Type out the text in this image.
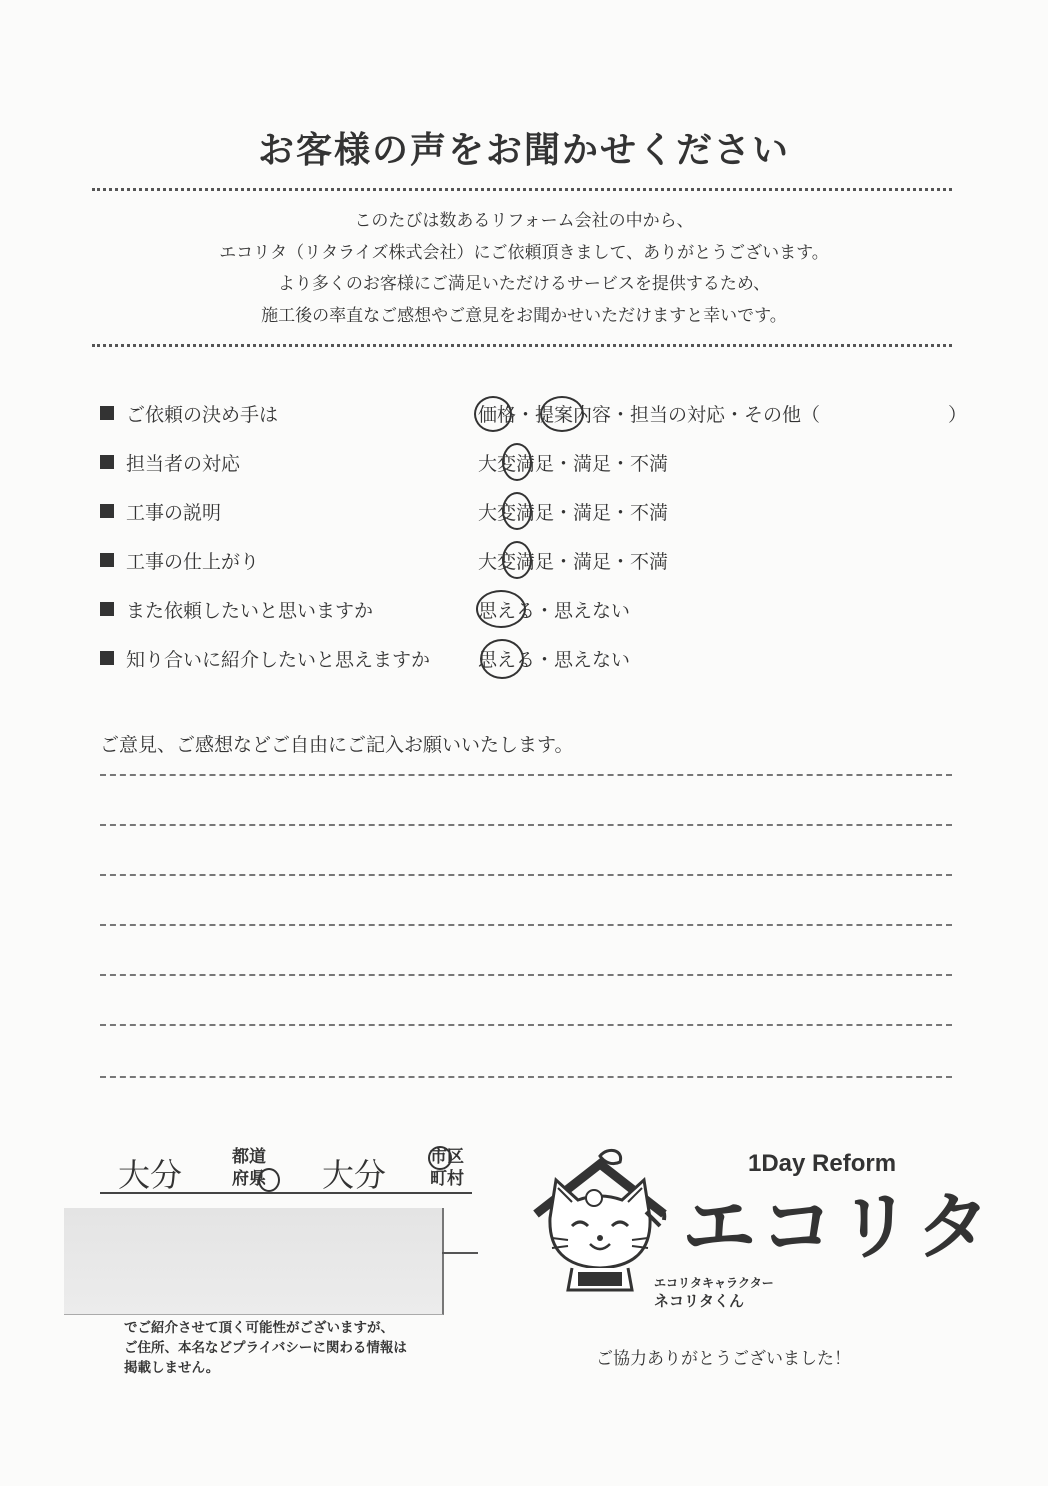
お客様の声をお聞かせください
このたびは数あるリフォーム会社の中から、
エコリタ（リタライズ株式会社）にご依頼頂きまして、ありがとうございます。
より多くのお客様にご満足いただけるサービスを提供するため、
施工後の率直なご感想やご意見をお聞かせいただけますと幸いです。
ご依頼の決め手は	価格・提案内容・担当の対応・その他（	）
担当者の対応	大変満足・満足・不満
工事の説明	大変満足・満足・不満
工事の仕上がり	大変満足・満足・不満
また依頼したいと思いますか	思える・思えない
知り合いに紹介したいと思えますか	思える・思えない
ご意見、ご感想などご自由にご記入お願いいたします。
大分	都道
府県 大分	市区
町村
でご紹介させて頂く可能性がございますが、
ご住所、本名などプライバシーに関わる情報は
掲載しません。
1Day Reform
エコリタ
エコリタキャラクター
ネコリタくん
ご協力ありがとうございました！
